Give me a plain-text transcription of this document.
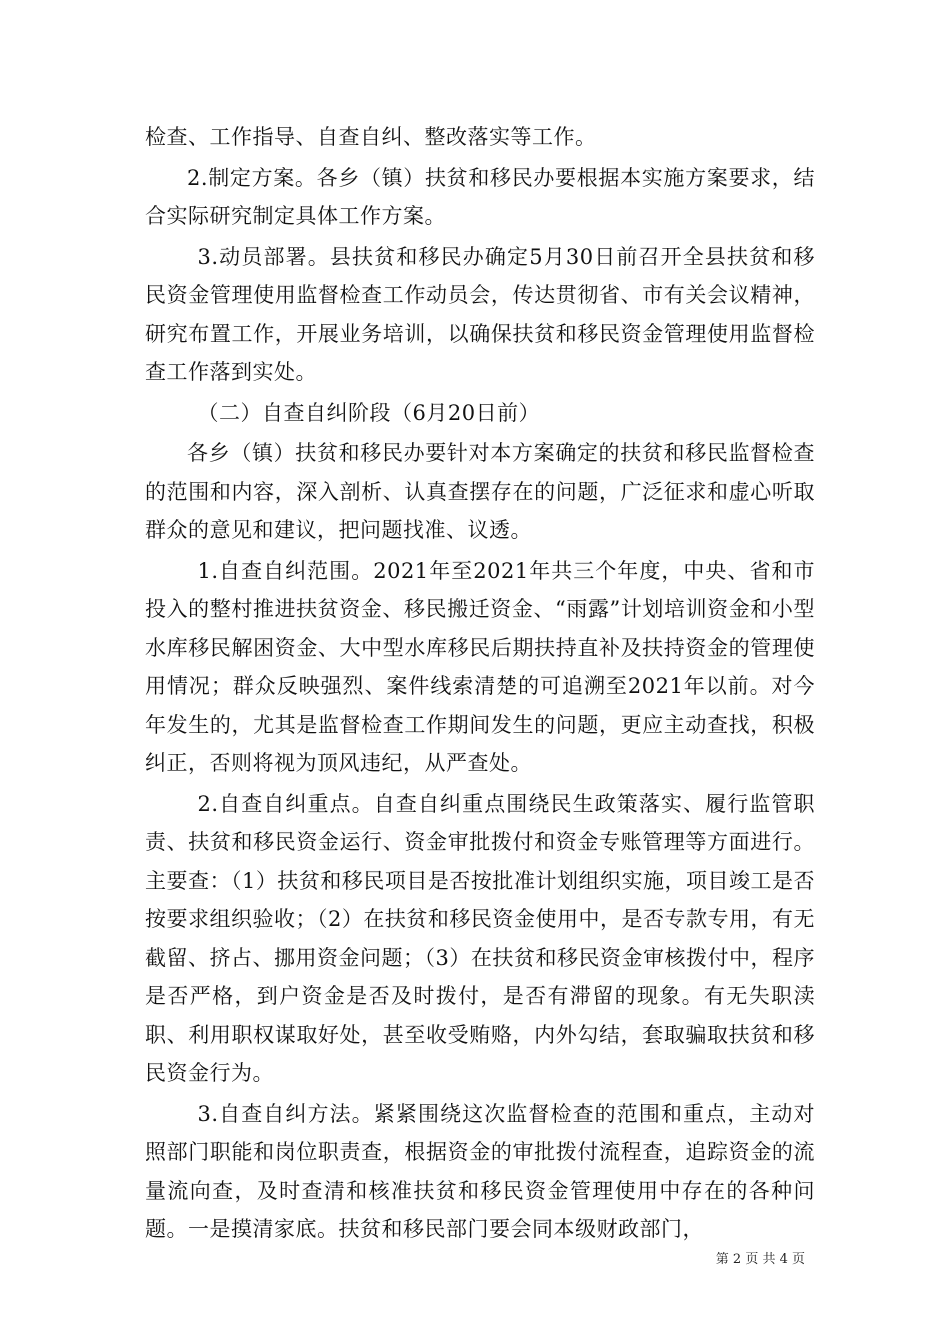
检查、工作指导、自查自纠、整改落实等工作。

2.制定方案。各乡（镇）扶贫和移民办要根据本实施方案要求，结合实际研究制定具体工作方案。

3.动员部署。县扶贫和移民办确定5月30日前召开全县扶贫和移民资金管理使用监督检查工作动员会，传达贯彻省、市有关会议精神，研究布置工作，开展业务培训，以确保扶贫和移民资金管理使用监督检查工作落到实处。

（二）自查自纠阶段（6月20日前）

各乡（镇）扶贫和移民办要针对本方案确定的扶贫和移民监督检查的范围和内容，深入剖析、认真查摆存在的问题，广泛征求和虚心听取群众的意见和建议，把问题找准、议透。

1.自查自纠范围。2021年至2021年共三个年度，中央、省和市投入的整村推进扶贫资金、移民搬迁资金、“雨露”计划培训资金和小型水库移民解困资金、大中型水库移民后期扶持直补及扶持资金的管理使用情况；群众反映强烈、案件线索清楚的可追溯至2021年以前。对今年发生的，尤其是监督检查工作期间发生的问题，更应主动查找，积极纠正，否则将视为顶风违纪，从严查处。

2.自查自纠重点。自查自纠重点围绕民生政策落实、履行监管职责、扶贫和移民资金运行、资金审批拨付和资金专账管理等方面进行。主要查：（1）扶贫和移民项目是否按批准计划组织实施，项目竣工是否按要求组织验收；（2）在扶贫和移民资金使用中，是否专款专用，有无截留、挤占、挪用资金问题；（3）在扶贫和移民资金审核拨付中，程序是否严格，到户资金是否及时拨付，是否有滞留的现象。有无失职渎职、利用职权谋取好处，甚至收受贿赂，内外勾结，套取骗取扶贫和移民资金行为。

3.自查自纠方法。紧紧围绕这次监督检查的范围和重点，主动对照部门职能和岗位职责查，根据资金的审批拨付流程查，追踪资金的流量流向查，及时查清和核准扶贫和移民资金管理使用中存在的各种问题。一是摸清家底。扶贫和移民部门要会同本级财政部门，

第 2 页 共 4 页
